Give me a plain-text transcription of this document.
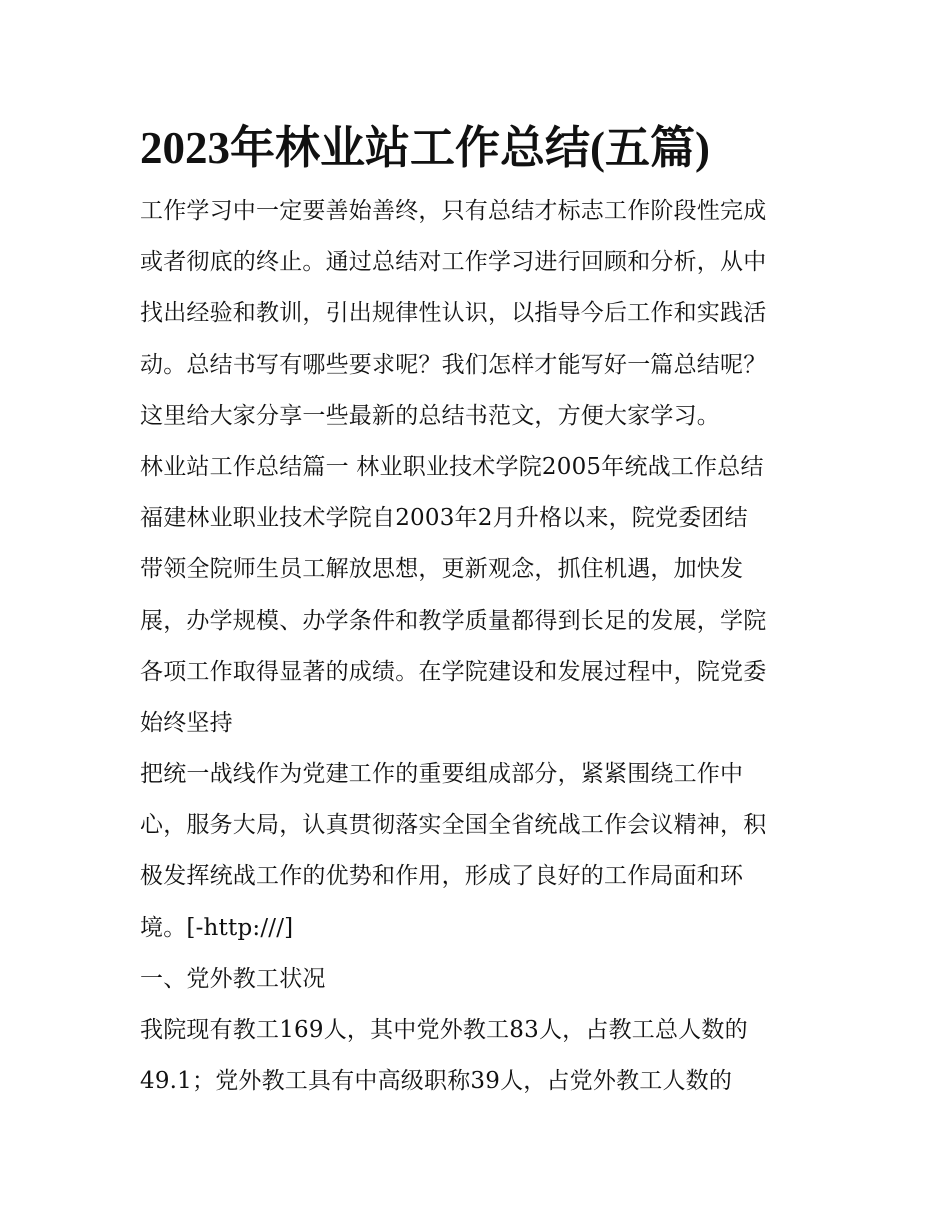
2023年林业站工作总结(五篇)
工作学习中一定要善始善终，只有总结才标志工作阶段性完成
或者彻底的终止。通过总结对工作学习进行回顾和分析，从中
找出经验和教训，引出规律性认识，以指导今后工作和实践活
动。总结书写有哪些要求呢？我们怎样才能写好一篇总结呢？
这里给大家分享一些最新的总结书范文，方便大家学习。
林业站工作总结篇一 林业职业技术学院2005年统战工作总结
福建林业职业技术学院自2003年2月升格以来，院党委团结
带领全院师生员工解放思想，更新观念，抓住机遇，加快发
展，办学规模、办学条件和教学质量都得到长足的发展，学院
各项工作取得显著的成绩。在学院建设和发展过程中，院党委
始终坚持
把统一战线作为党建工作的重要组成部分，紧紧围绕工作中
心，服务大局，认真贯彻落实全国全省统战工作会议精神，积
极发挥统战工作的优势和作用，形成了良好的工作局面和环
境。[-http:///]
一、党外教工状况
我院现有教工169人，其中党外教工83人，占教工总人数的
49.1；党外教工具有中高级职称39人，占党外教工人数的
